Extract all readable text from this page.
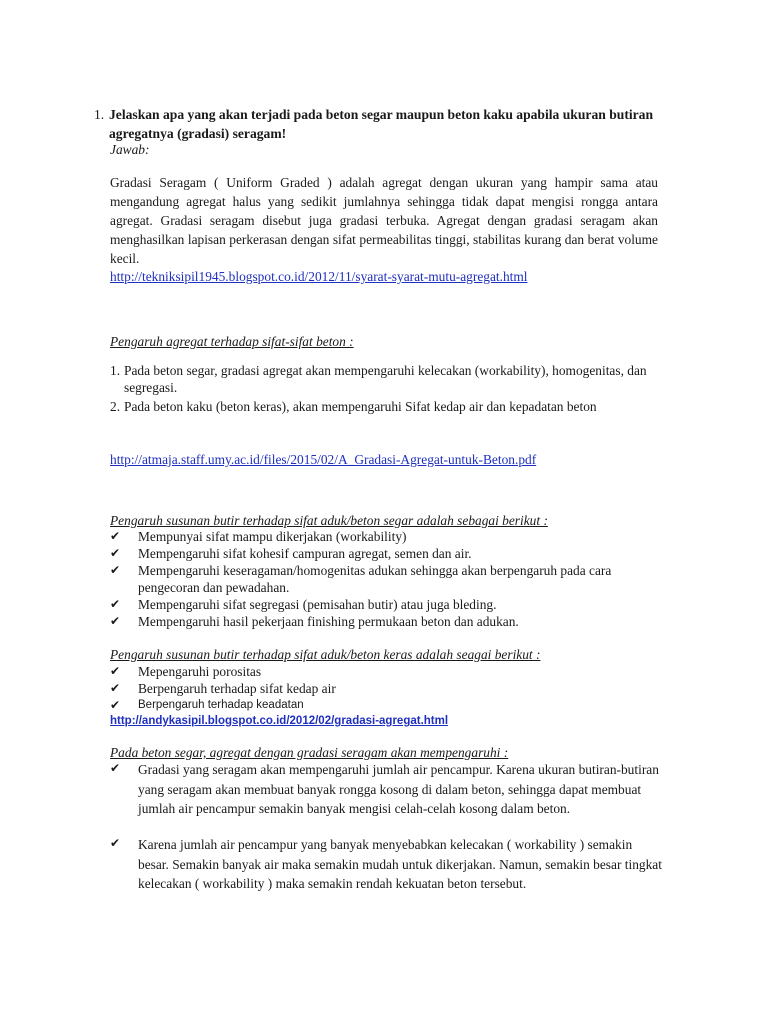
1. Jelaskan apa yang akan terjadi pada beton segar maupun beton kaku apabila ukuran butiran agregatnya (gradasi) seragam!
Jawab:
Gradasi Seragam ( Uniform Graded ) adalah agregat dengan ukuran yang hampir sama atau mengandung agregat halus yang sedikit jumlahnya sehingga tidak dapat mengisi rongga antara agregat. Gradasi seragam disebut juga gradasi terbuka. Agregat dengan gradasi seragam akan menghasilkan lapisan perkerasan dengan sifat permeabilitas tinggi, stabilitas kurang dan berat volume kecil.
http://tekniksipil1945.blogspot.co.id/2012/11/syarat-syarat-mutu-agregat.html
Pengaruh agregat terhadap sifat-sifat beton :
1. Pada beton segar, gradasi agregat akan mempengaruhi kelecakan (workability), homogenitas, dan segregasi.
2. Pada beton kaku (beton keras), akan mempengaruhi Sifat kedap air dan kepadatan beton
http://atmaja.staff.umy.ac.id/files/2015/02/A_Gradasi-Agregat-untuk-Beton.pdf
Pengaruh susunan butir terhadap sifat aduk/beton segar adalah sebagai berikut :
✔ Mempunyai sifat mampu dikerjakan (workability)
✔ Mempengaruhi sifat kohesif campuran agregat, semen dan air.
✔ Mempengaruhi keseragaman/homogenitas adukan sehingga akan berpengaruh pada cara pengecoran dan pewadahan.
✔ Mempengaruhi sifat segregasi (pemisahan butir) atau juga bleding.
✔ Mempengaruhi hasil pekerjaan finishing permukaan beton dan adukan.
Pengaruh susunan butir terhadap sifat aduk/beton keras adalah seagai berikut :
✔ Mepengaruhi porositas
✔ Berpengaruh terhadap sifat kedap air
✔ Berpengaruh terhadap keadatan
http://andykasipil.blogspot.co.id/2012/02/gradasi-agregat.html
Pada beton segar, agregat dengan gradasi seragam akan mempengaruhi :
✔ Gradasi yang seragam akan mempengaruhi jumlah air pencampur. Karena ukuran butiran-butiran yang seragam akan membuat banyak rongga kosong di dalam beton, sehingga dapat membuat jumlah air pencampur semakin banyak mengisi celah-celah kosong dalam beton.
✔ Karena jumlah air pencampur yang banyak menyebabkan kelecakan ( workability ) semakin besar. Semakin banyak air maka semakin mudah untuk dikerjakan. Namun, semakin besar tingkat kelecakan ( workability ) maka semakin rendah kekuatan beton tersebut.
